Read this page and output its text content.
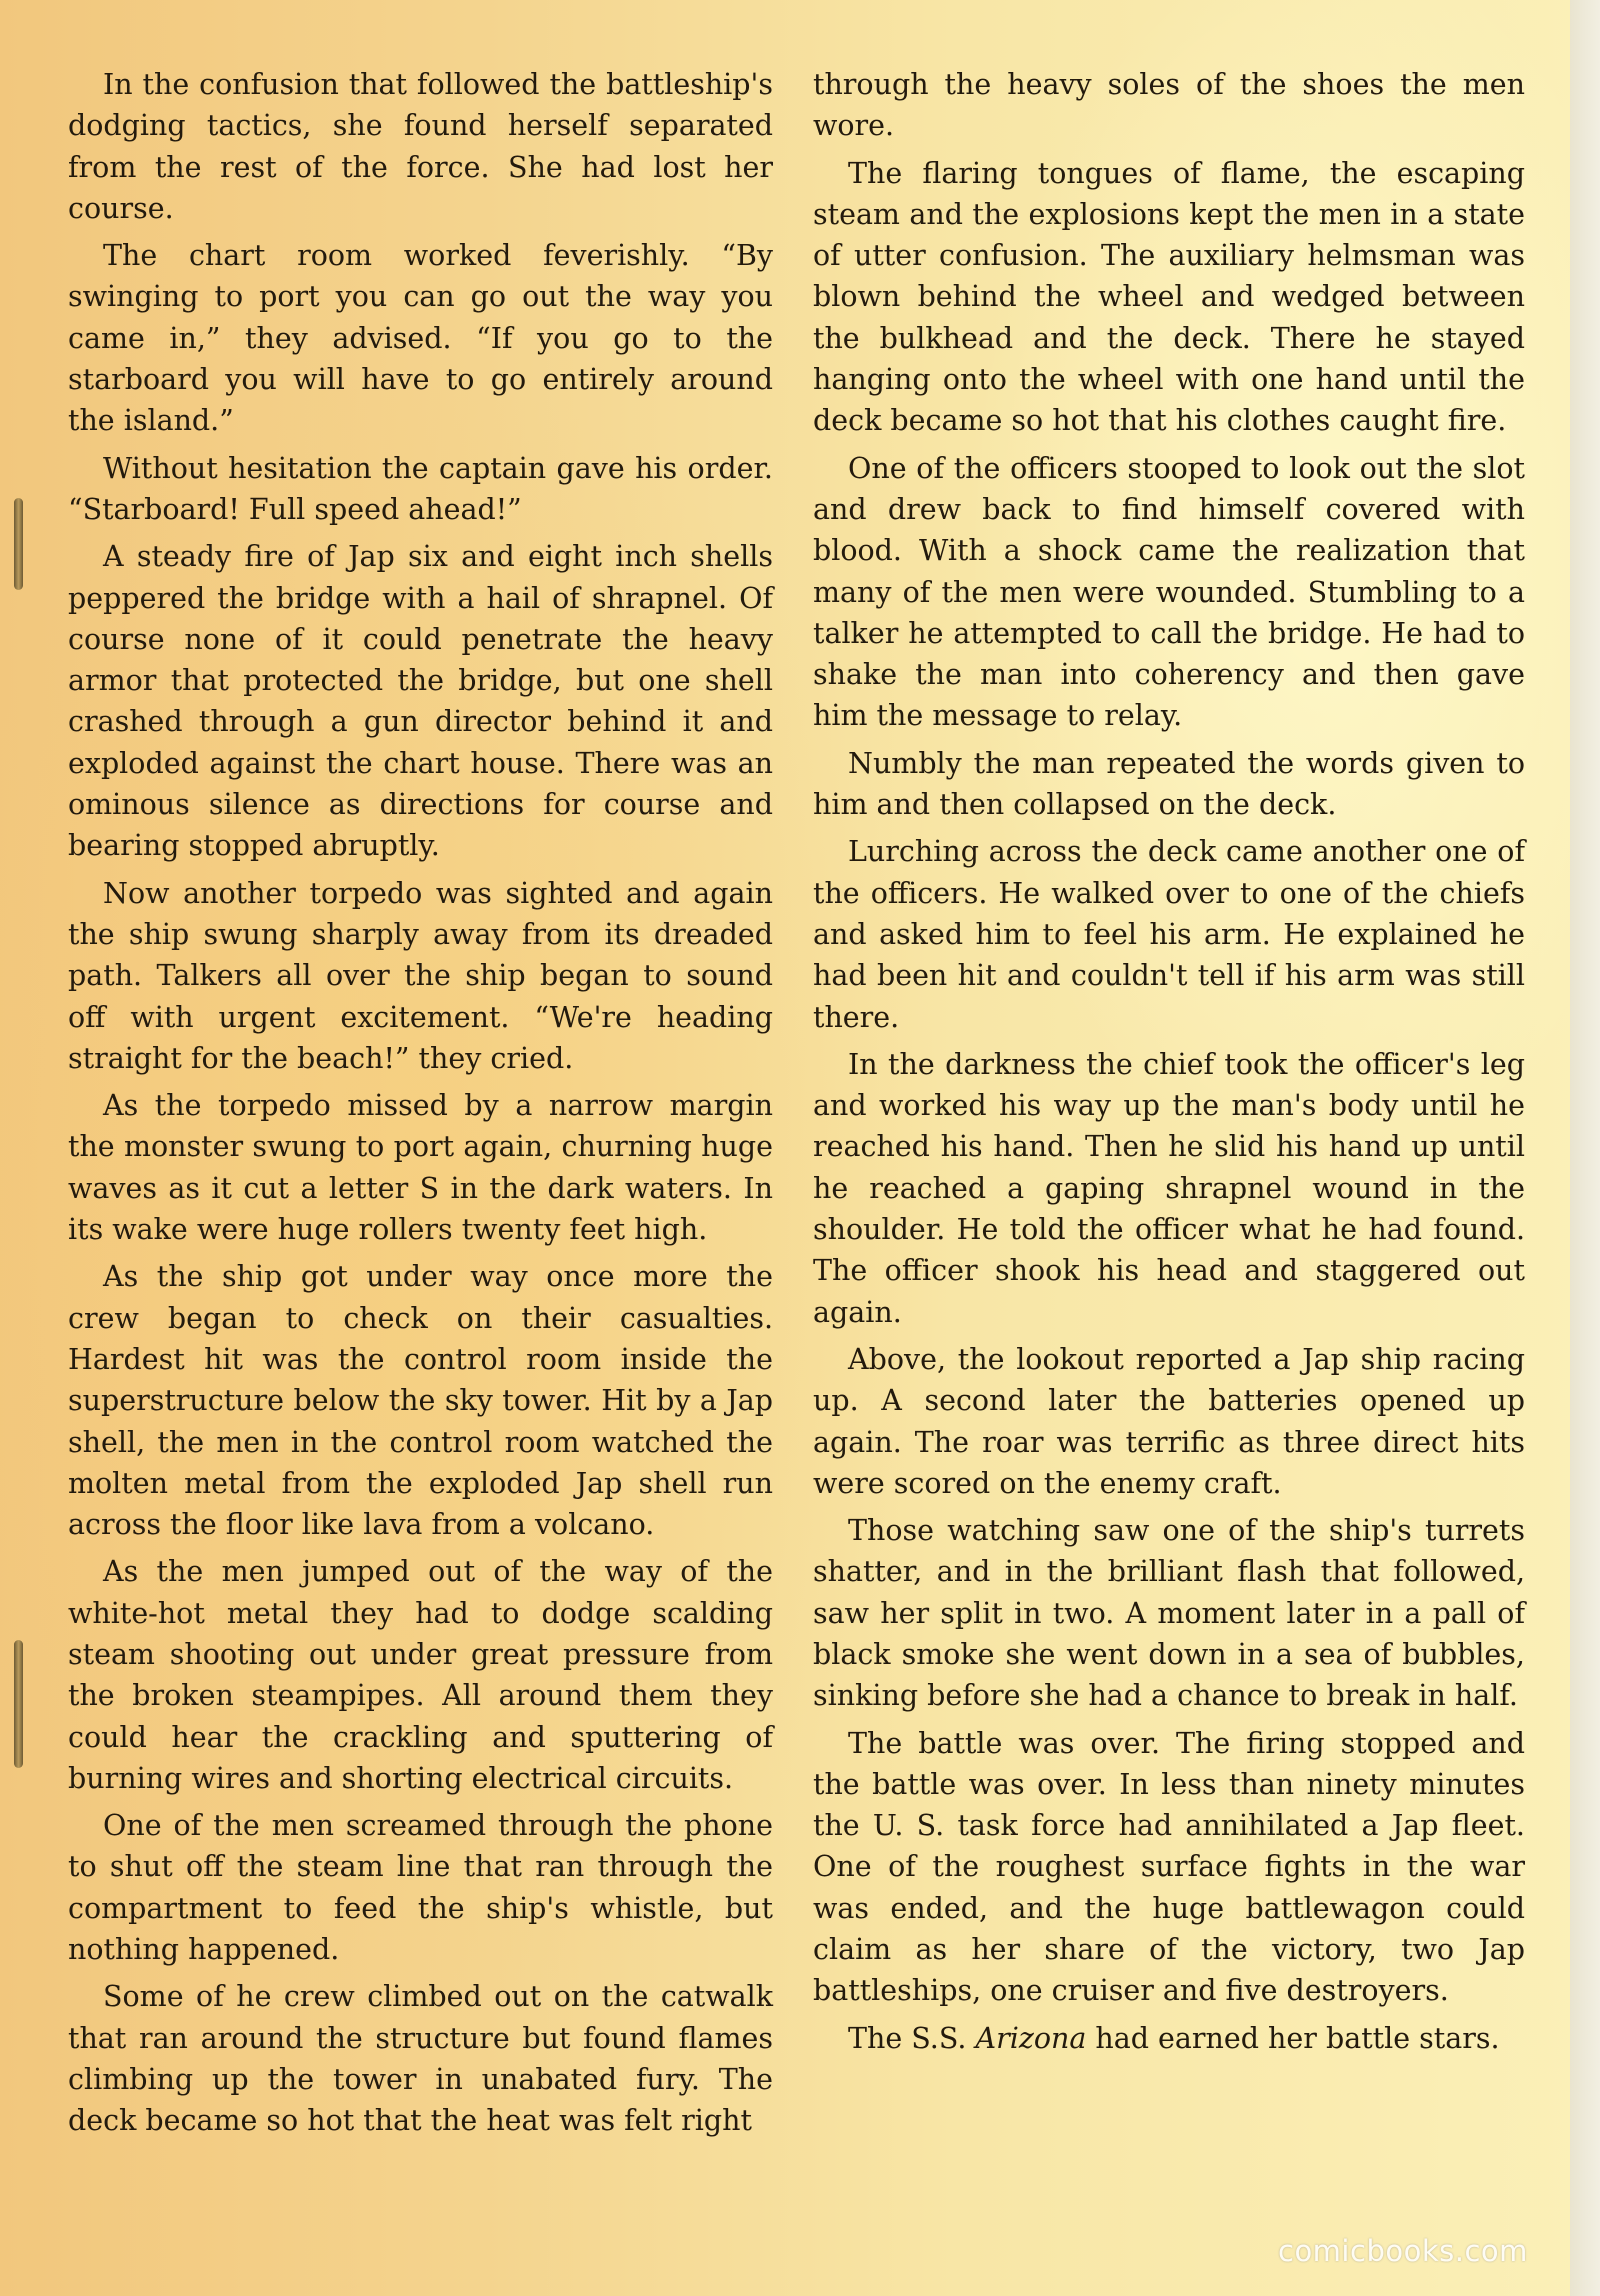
In the confusion that followed the battleship's dodging tactics, she found herself separated from the rest of the force. She had lost her course.

The chart room worked feverishly. “By swinging to port you can go out the way you came in,” they advised. “If you go to the starboard you will have to go entirely around the island.”

Without hesitation the captain gave his order. “Starboard! Full speed ahead!”

A steady fire of Jap six and eight inch shells peppered the bridge with a hail of shrapnel. Of course none of it could penetrate the heavy armor that protected the bridge, but one shell crashed through a gun director behind it and exploded against the chart house. There was an ominous silence as directions for course and bearing stopped abruptly.

Now another torpedo was sighted and again the ship swung sharply away from its dreaded path. Talkers all over the ship began to sound off with urgent excitement. “We're heading straight for the beach!” they cried.

As the torpedo missed by a narrow margin the monster swung to port again, churning huge waves as it cut a letter S in the dark waters. In its wake were huge rollers twenty feet high.

As the ship got under way once more the crew began to check on their casualties. Hardest hit was the control room inside the superstructure below the sky tower. Hit by a Jap shell, the men in the control room watched the molten metal from the exploded Jap shell run across the floor like lava from a volcano.

As the men jumped out of the way of the white-hot metal they had to dodge scalding steam shooting out under great pressure from the broken steampipes. All around them they could hear the crackling and sputtering of burning wires and shorting electrical circuits.

One of the men screamed through the phone to shut off the steam line that ran through the compartment to feed the ship's whistle, but nothing happened.

Some of he crew climbed out on the catwalk that ran around the structure but found flames climbing up the tower in unabated fury. The deck became so hot that the heat was felt right

through the heavy soles of the shoes the men wore.

The flaring tongues of flame, the escaping steam and the explosions kept the men in a state of utter confusion. The auxiliary helmsman was blown behind the wheel and wedged between the bulkhead and the deck. There he stayed hanging onto the wheel with one hand until the deck became so hot that his clothes caught fire.

One of the officers stooped to look out the slot and drew back to find himself covered with blood. With a shock came the realization that many of the men were wounded. Stumbling to a talker he attempted to call the bridge. He had to shake the man into coherency and then gave him the message to relay.

Numbly the man repeated the words given to him and then collapsed on the deck.

Lurching across the deck came another one of the officers. He walked over to one of the chiefs and asked him to feel his arm. He explained he had been hit and couldn't tell if his arm was still there.

In the darkness the chief took the officer's leg and worked his way up the man's body until he reached his hand. Then he slid his hand up until he reached a gaping shrapnel wound in the shoulder. He told the officer what he had found. The officer shook his head and staggered out again.

Above, the lookout reported a Jap ship racing up. A second later the batteries opened up again. The roar was terrific as three direct hits were scored on the enemy craft.

Those watching saw one of the ship's turrets shatter, and in the brilliant flash that followed, saw her split in two. A moment later in a pall of black smoke she went down in a sea of bubbles, sinking before she had a chance to break in half.

The battle was over. The firing stopped and the battle was over. In less than ninety minutes the U. S. task force had annihilated a Jap fleet. One of the roughest surface fights in the war was ended, and the huge battlewagon could claim as her share of the victory, two Jap battleships, one cruiser and five destroyers.

The S.S. Arizona had earned her battle stars.

comicbooks.com
